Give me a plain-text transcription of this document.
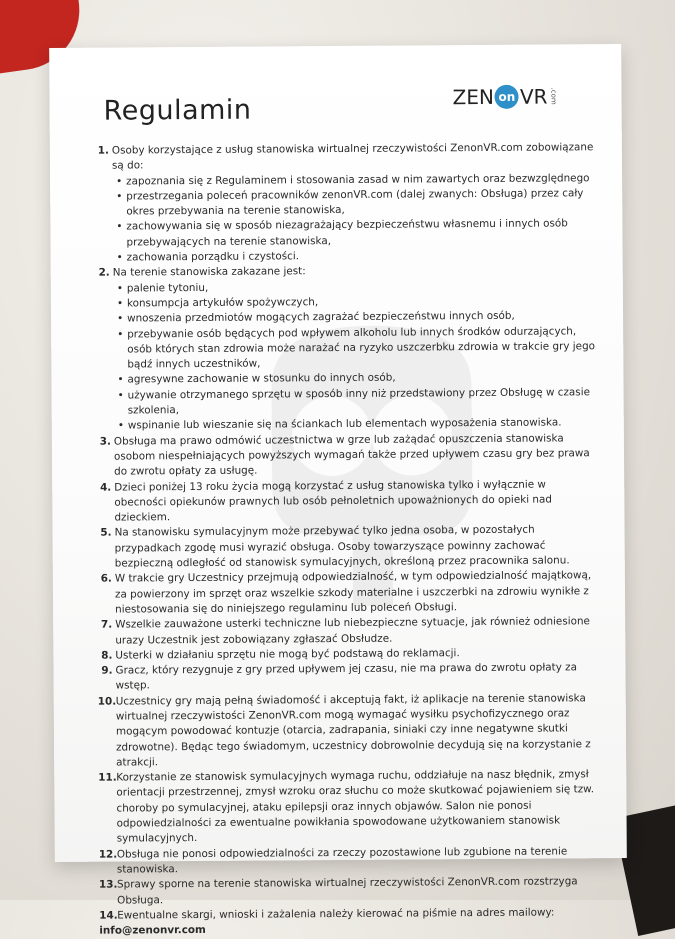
Regulamin	ZEN on VR .com
1. Osoby korzystające z usług stanowiska wirtualnej rzeczywistości ZenonVR.com zobowiązane są do:
• zapoznania się z Regulaminem i stosowania zasad w nim zawartych oraz bezwzględnego
• przestrzegania poleceń pracowników zenonVR.com (dalej zwanych: Obsługa) przez cały okres przebywania na terenie stanowiska,
• zachowywania się w sposób niezagrażający bezpieczeństwu własnemu i innych osób przebywających na terenie stanowiska,
• zachowania porządku i czystości.
2. Na terenie stanowiska zakazane jest:
• palenie tytoniu,
• konsumpcja artykułów spożywczych,
• wnoszenia przedmiotów mogących zagrażać bezpieczeństwu innych osób,
• przebywanie osób będących pod wpływem alkoholu lub innych środków odurzających, osób których stan zdrowia może narażać na ryzyko uszczerbku zdrowia w trakcie gry jego bądź innych uczestników,
• agresywne zachowanie w stosunku do innych osób,
• używanie otrzymanego sprzętu w sposób inny niż przedstawiony przez Obsługę w czasie szkolenia,
• wspinanie lub wieszanie się na ściankach lub elementach wyposażenia stanowiska.
3. Obsługa ma prawo odmówić uczestnictwa w grze lub zażądać opuszczenia stanowiska osobom niespełniających powyższych wymagań także przed upływem czasu gry bez prawa do zwrotu opłaty za usługę.
4. Dzieci poniżej 13 roku życia mogą korzystać z usług stanowiska tylko i wyłącznie w obecności opiekunów prawnych lub osób pełnoletnich upoważnionych do opieki nad dzieckiem.
5. Na stanowisku symulacyjnym może przebywać tylko jedna osoba, w pozostałych przypadkach zgodę musi wyrazić obsługa. Osoby towarzyszące powinny zachować bezpieczną odległość od stanowisk symulacyjnych, określoną przez pracownika salonu.
6. W trakcie gry Uczestnicy przejmują odpowiedzialność, w tym odpowiedzialność majątkową, za powierzony im sprzęt oraz wszelkie szkody materialne i uszczerbki na zdrowiu wynikłe z niestosowania się do niniejszego regulaminu lub poleceń Obsługi.
7. Wszelkie zauważone usterki techniczne lub niebezpieczne sytuacje, jak również odniesione urazy Uczestnik jest zobowiązany zgłaszać Obsłudze.
8. Usterki w działaniu sprzętu nie mogą być podstawą do reklamacji.
9. Gracz, który rezygnuje z gry przed upływem jej czasu, nie ma prawa do zwrotu opłaty za wstęp.
10. Uczestnicy gry mają pełną świadomość i akceptują fakt, iż aplikacje na terenie stanowiska wirtualnej rzeczywistości ZenonVR.com mogą wymagać wysiłku psychofizycznego oraz mogącym powodować kontuzje (otarcia, zadrapania, siniaki czy inne negatywne skutki zdrowotne). Będąc tego świadomym, uczestnicy dobrowolnie decydują się na korzystanie z atrakcji.
11. Korzystanie ze stanowisk symulacyjnych wymaga ruchu, oddziałuje na nasz błędnik, zmysł orientacji przestrzennej, zmysł wzroku oraz słuchu co może skutkować pojawieniem się tzw. choroby po symulacyjnej, ataku epilepsji oraz innych objawów. Salon nie ponosi odpowiedzialności za ewentualne powikłania spowodowane użytkowaniem stanowisk symulacyjnych.
12. Obsługa nie ponosi odpowiedzialności za rzeczy pozostawione lub zgubione na terenie stanowiska.
13. Sprawy sporne na terenie stanowiska wirtualnej rzeczywistości ZenonVR.com rozstrzyga Obsługa.
14. Ewentualne skargi, wnioski i zażalenia należy kierować na piśmie na adres mailowy:
info@zenonvr.com
